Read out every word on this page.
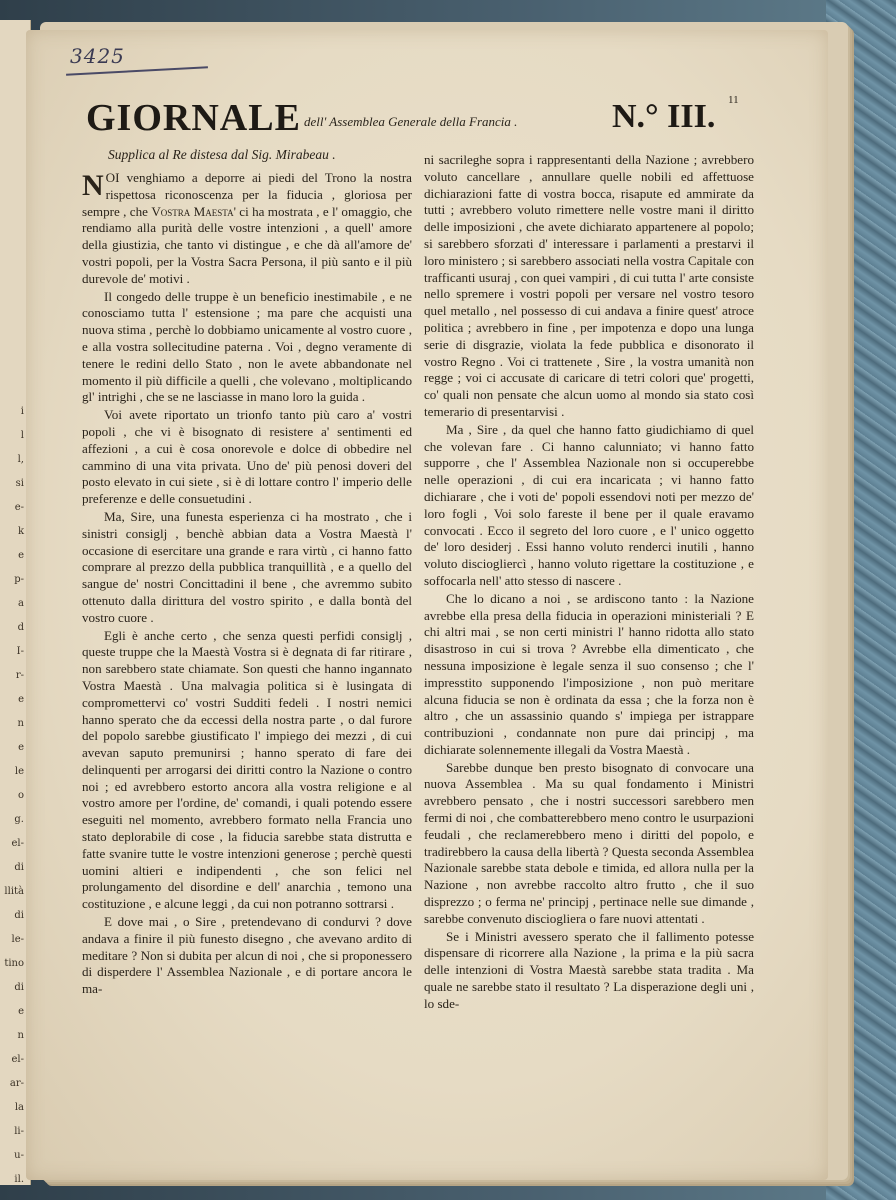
i
l
l,
si
e-
k
e
p-
a
d
I-
r-
e
n
e
le
o
g.
el-
di
llità
di
le-
tino
di
e
n
el-
ar-
la
li-
u-
il.
3425
GIORNALE dell' Assemblea Generale della Francia .	N.° III. 11
Supplica al Re distesa dal Sig. Mirabeau .

NOI venghiamo a deporre ai piedi del Trono la nostra rispettosa riconoscenza per la fiducia , gloriosa per sempre , che Vostra Maesta' ci ha mostrata , e l' omaggio, che rendiamo alla purità delle vostre intenzioni , a quell' amore della giustizia, che tanto vi distingue , e che dà all'amore de' vostri popoli, per la Vostra Sacra Persona, il più santo e il più durevole de' motivi .

Il congedo delle truppe è un beneficio inestimabile , e ne conosciamo tutta l' estensione ; ma pare che acquisti una nuova stima , perchè lo dobbiamo unicamente al vostro cuore , e alla vostra sollecitudine paterna . Voi , degno veramente di tenere le redini dello Stato , non le avete abbandonate nel momento il più difficile a quelli , che volevano , moltiplicando gl' intrighi , che se ne lasciasse in mano loro la guida .

Voi avete riportato un trionfo tanto più caro a' vostri popoli , che vi è bisognato di resistere a' sentimenti ed affezioni , a cui è cosa onorevole e dolce di obbedire nel cammino di una vita privata. Uno de' più penosi doveri del posto elevato in cui siete , si è di lottare contro l' imperio delle preferenze e delle consuetudini .

Ma, Sire, una funesta esperienza ci ha mostrato , che i sinistri consiglj , benchè abbian data a Vostra Maestà l' occasione di esercitare una grande e rara virtù , ci hanno fatto comprare al prezzo della pubblica tranquillità , e a quello del sangue de' nostri Concittadini il bene , che avremmo subito ottenuto dalla dirittura del vostro spirito , e dalla bontà del vostro cuore .

Egli è anche certo , che senza questi perfidi consiglj , queste truppe che la Maestà Vostra si è degnata di far ritirare , non sarebbero state chiamate. Son questi che hanno ingannato Vostra Maestà . Una malvagia politica si è lusingata di compromettervi co' vostri Sudditi fedeli . I nostri nemici hanno sperato che da eccessi della nostra parte , o dal furore del popolo sarebbe giustificato l' impiego dei mezzi , di cui avevan saputo premunirsi ; hanno sperato di fare dei delinquenti per arrogarsi dei diritti contro la Nazione o contro noi ; ed avrebbero estorto ancora alla vostra religione e al vostro amore per l'ordine, de' comandi, i quali potendo essere eseguiti nel momento, avrebbero formato nella Francia uno stato deplorabile di cose , la fiducia sarebbe stata distrutta e fatte svanire tutte le vostre intenzioni generose ; perchè questi uomini altieri e indipendenti , che son felici nel prolungamento del disordine e dell' anarchia , temono una costituzione , e alcune leggi , da cui non potranno sottrarsi .

E dove mai , o Sire , pretendevano di condurvi ? dove andava a finire il più funesto disegno , che avevano ardito di meditare ? Non si dubita per alcun di noi , che si proponessero di disperdere l' Assemblea Nazionale , e di portare ancora le ma-

ni sacrileghe sopra i rappresentanti della Nazione ; avrebbero voluto cancellare , annullare quelle nobili ed affettuose dichiarazioni fatte di vostra bocca, risapute ed ammirate da tutti ; avrebbero voluto rimettere nelle vostre mani il diritto delle imposizioni , che avete dichiarato appartenere al popolo; si sarebbero sforzati d' interessare i parlamenti a prestarvi il loro ministero ; si sarebbero associati nella vostra Capitale con trafficanti usuraj , con quei vampiri , di cui tutta l' arte consiste nello spremere i vostri popoli per versare nel vostro tesoro quel metallo , nel possesso di cui andava a finire quest' atroce politica ; avrebbero in fine , per impotenza e dopo una lunga serie di disgrazie, violata la fede pubblica e disonorato il vostro Regno . Voi ci trattenete , Sire , la vostra umanità non regge ; voi ci accusate di caricare di tetri colori que' progetti, co' quali non pensate che alcun uomo al mondo sia stato così temerario di presentarvisi .

Ma , Sire , da quel che hanno fatto giudichiamo di quel che volevan fare . Ci hanno calunniato; vi hanno fatto supporre , che l' Assemblea Nazionale non si occuperebbe nelle operazioni , di cui era incaricata ; vi hanno fatto dichiarare , che i voti de' popoli essendovi noti per mezzo de' loro fogli , Voi solo fareste il bene per il quale eravamo convocati . Ecco il segreto del loro cuore , e l' unico oggetto de' loro desiderj . Essi hanno voluto renderci inutili , hanno voluto disciogliercì , hanno voluto rigettare la costituzione , e soffocarla nell' atto stesso di nascere .

Che lo dicano a noi , se ardiscono tanto : la Nazione avrebbe ella presa della fiducia in operazioni ministeriali ? E chi altri mai , se non certi ministri l' hanno ridotta allo stato disastroso in cui si trova ? Avrebbe ella dimenticato , che nessuna imposizione è legale senza il suo consenso ; che l' impresstito supponendo l'imposizione , non può meritare alcuna fiducia se non è ordinata da essa ; che la forza non è altro , che un assassinio quando s' impiega per istrappare contribuzioni , condannate non pure dai principj , ma dichiarate solennemente illegali da Vostra Maestà .

Sarebbe dunque ben presto bisognato di convocare una nuova Assemblea . Ma su qual fondamento i Ministri avrebbero pensato , che i nostri successori sarebbero men fermi di noi , che combatterebbero meno contro le usurpazioni feudali , che reclamerebbero meno i diritti del popolo, e tradirebbero la causa della libertà ? Questa seconda Assemblea Nazionale sarebbe stata debole e timida, ed allora nulla per la Nazione , non avrebbe raccolto altro frutto , che il suo disprezzo ; o ferma ne' principj , pertinace nelle sue dimande , sarebbe convenuto disciogliera o fare nuovi attentati .

Se i Ministri avessero sperato che il fallimento potesse dispensare di ricorrere alla Nazione , la prima e la più sacra delle intenzioni di Vostra Maestà sarebbe stata tradita . Ma quale ne sarebbe stato il resultato ? La disperazione degli uni , lo sde-
